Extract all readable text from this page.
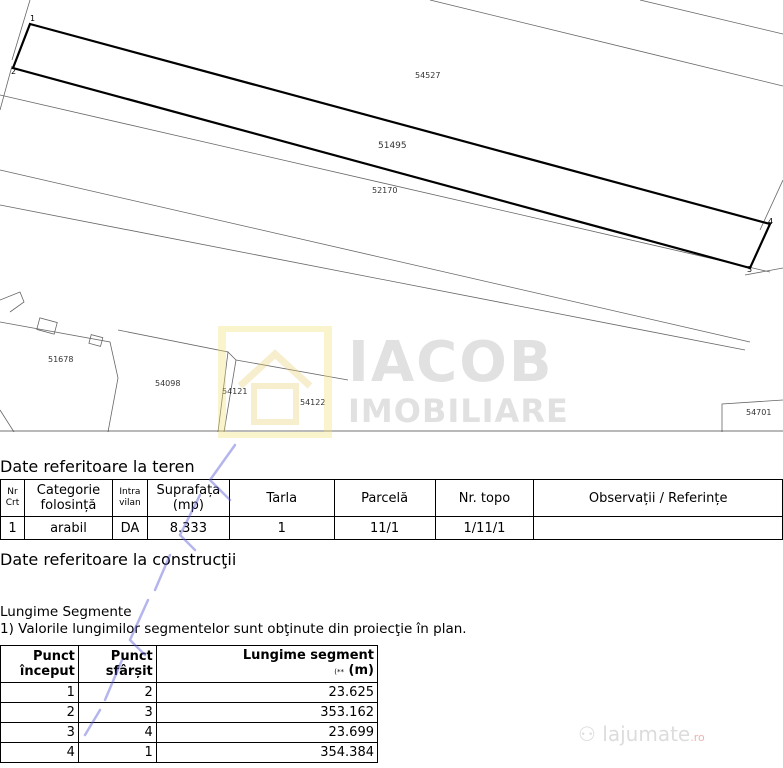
54527
51495
52170
51678
54098
54121
54122
54701
1
2
3
4
IACOB
IMOBILIARE
Date referitoare la teren
Nr Crt	Categorie folosință	Intra vilan	Suprafața (mp)	Tarla	Parcelă	Nr. topo	Observații / Referințe
1	arabil	DA	8.333	1	11/1	1/11/1	
Date referitoare la construcţii
Lungime Segmente
1) Valorile lungimilor segmentelor sunt obţinute din proiecţie în plan.
Punct început	Punct sfârșit	Lungime segment
(** (m)

1	2	23.625
2	3	353.162
3	4	23.699
4	1	354.384
⚇ lajumate.ro
